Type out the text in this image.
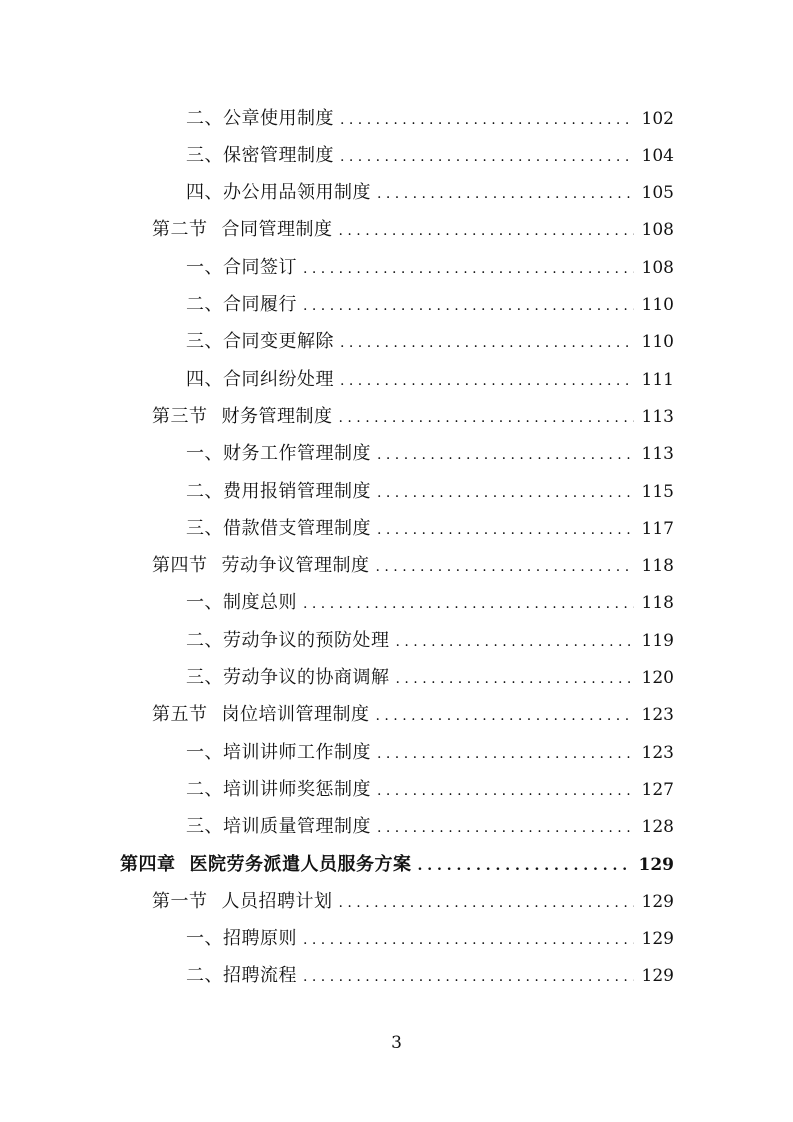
二、公章使用制度 . . .	102
三、保密管理制度 . . .	104
四、办公用品领用制度 . . .	105
第二节 合同管理制度 . . .	108
一、合同签订 . . .	108
二、合同履行 . . .	110
三、合同变更解除 . . .	110
四、合同纠纷处理 . . .	111
第三节 财务管理制度 . . .	113
一、财务工作管理制度 . . .	113
二、费用报销管理制度 . . .	115
三、借款借支管理制度 . . .	117
第四节 劳动争议管理制度 . . .	118
一、制度总则 . . .	118
二、劳动争议的预防处理 . . .	119
三、劳动争议的协商调解 . . .	120
第五节 岗位培训管理制度 . . .	123
一、培训讲师工作制度 . . .	123
二、培训讲师奖惩制度 . . .	127
三、培训质量管理制度 . . .	128
第四章 医院劳务派遣人员服务方案 . . .	129
第一节 人员招聘计划 . . .	129
一、招聘原则 . . .	129
二、招聘流程 . . .	129
3
